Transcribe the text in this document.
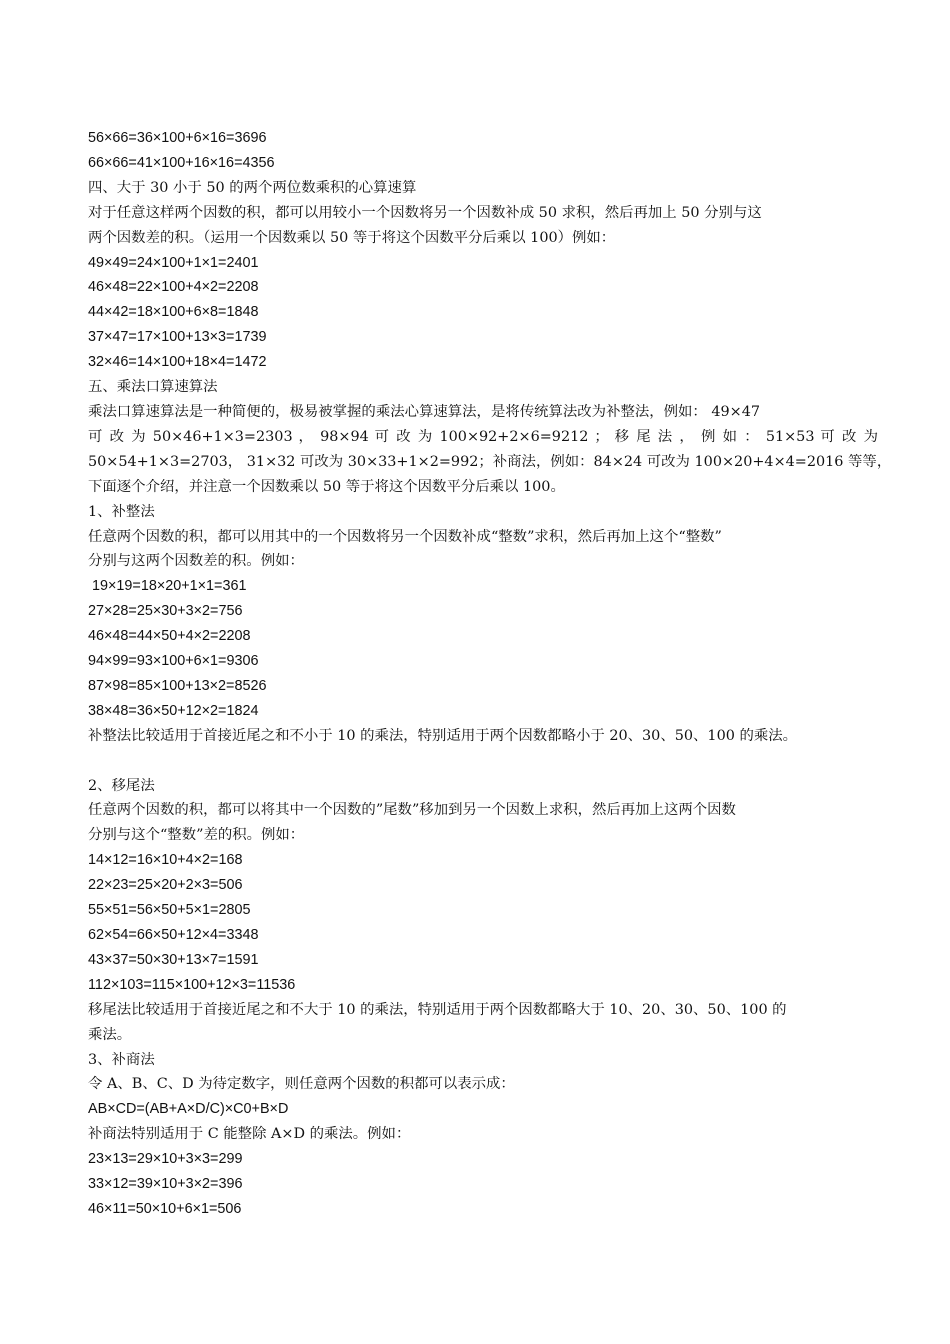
56×66=36×100+6×16=3696
66×66=41×100+16×16=4356
四、大于 30 小于 50 的两个两位数乘积的心算速算
对于任意这样两个因数的积，都可以用较小一个因数将另一个因数补成 50 求积，然后再加上 50 分别与这
两个因数差的积。（运用一个因数乘以 50 等于将这个因数平分后乘以 100）例如：
49×49=24×100+1×1=2401
46×48=22×100+4×2=2208
44×42=18×100+6×8=1848
37×47=17×100+13×3=1739
32×46=14×100+18×4=1472
五、乘法口算速算法
乘法口算速算法是一种简便的，极易被掌握的乘法心算速算法，是将传统算法改为补整法，例如： 49×47
可 改 为 50×46+1×3=2303 ， 98×94 可 改 为 100×92+2×6=9212 ； 移 尾 法 ， 例 如 ： 51×53 可 改 为
50×54+1×3=2703， 31×32 可改为 30×33+1×2=992；补商法，例如：84×24 可改为 100×20+4×4=2016 等等，
下面逐个介绍，并注意一个因数乘以 50 等于将这个因数平分后乘以 100。
1、补整法
任意两个因数的积，都可以用其中的一个因数将另一个因数补成“整数”求积，然后再加上这个“整数”
分别与这两个因数差的积。例如：
19×19=18×20+1×1=361
27×28=25×30+3×2=756
46×48=44×50+4×2=2208
94×99=93×100+6×1=9306
87×98=85×100+13×2=8526
38×48=36×50+12×2=1824
补整法比较适用于首接近尾之和不小于 10 的乘法，特别适用于两个因数都略小于 20、30、50、100 的乘法。
2、移尾法
任意两个因数的积，都可以将其中一个因数的”尾数”移加到另一个因数上求积，然后再加上这两个因数
分别与这个“整数”差的积。例如：
14×12=16×10+4×2=168
22×23=25×20+2×3=506
55×51=56×50+5×1=2805
62×54=66×50+12×4=3348
43×37=50×30+13×7=1591
112×103=115×100+12×3=11536
移尾法比较适用于首接近尾之和不大于 10 的乘法，特别适用于两个因数都略大于 10、20、30、50、100 的
乘法。
3、补商法
令 A、B、C、D 为待定数字，则任意两个因数的积都可以表示成：
AB×CD=(AB+A×D/C)×C0+B×D
补商法特别适用于 C 能整除 A×D 的乘法。例如：
23×13=29×10+3×3=299
33×12=39×10+3×2=396
46×11=50×10+6×1=506
